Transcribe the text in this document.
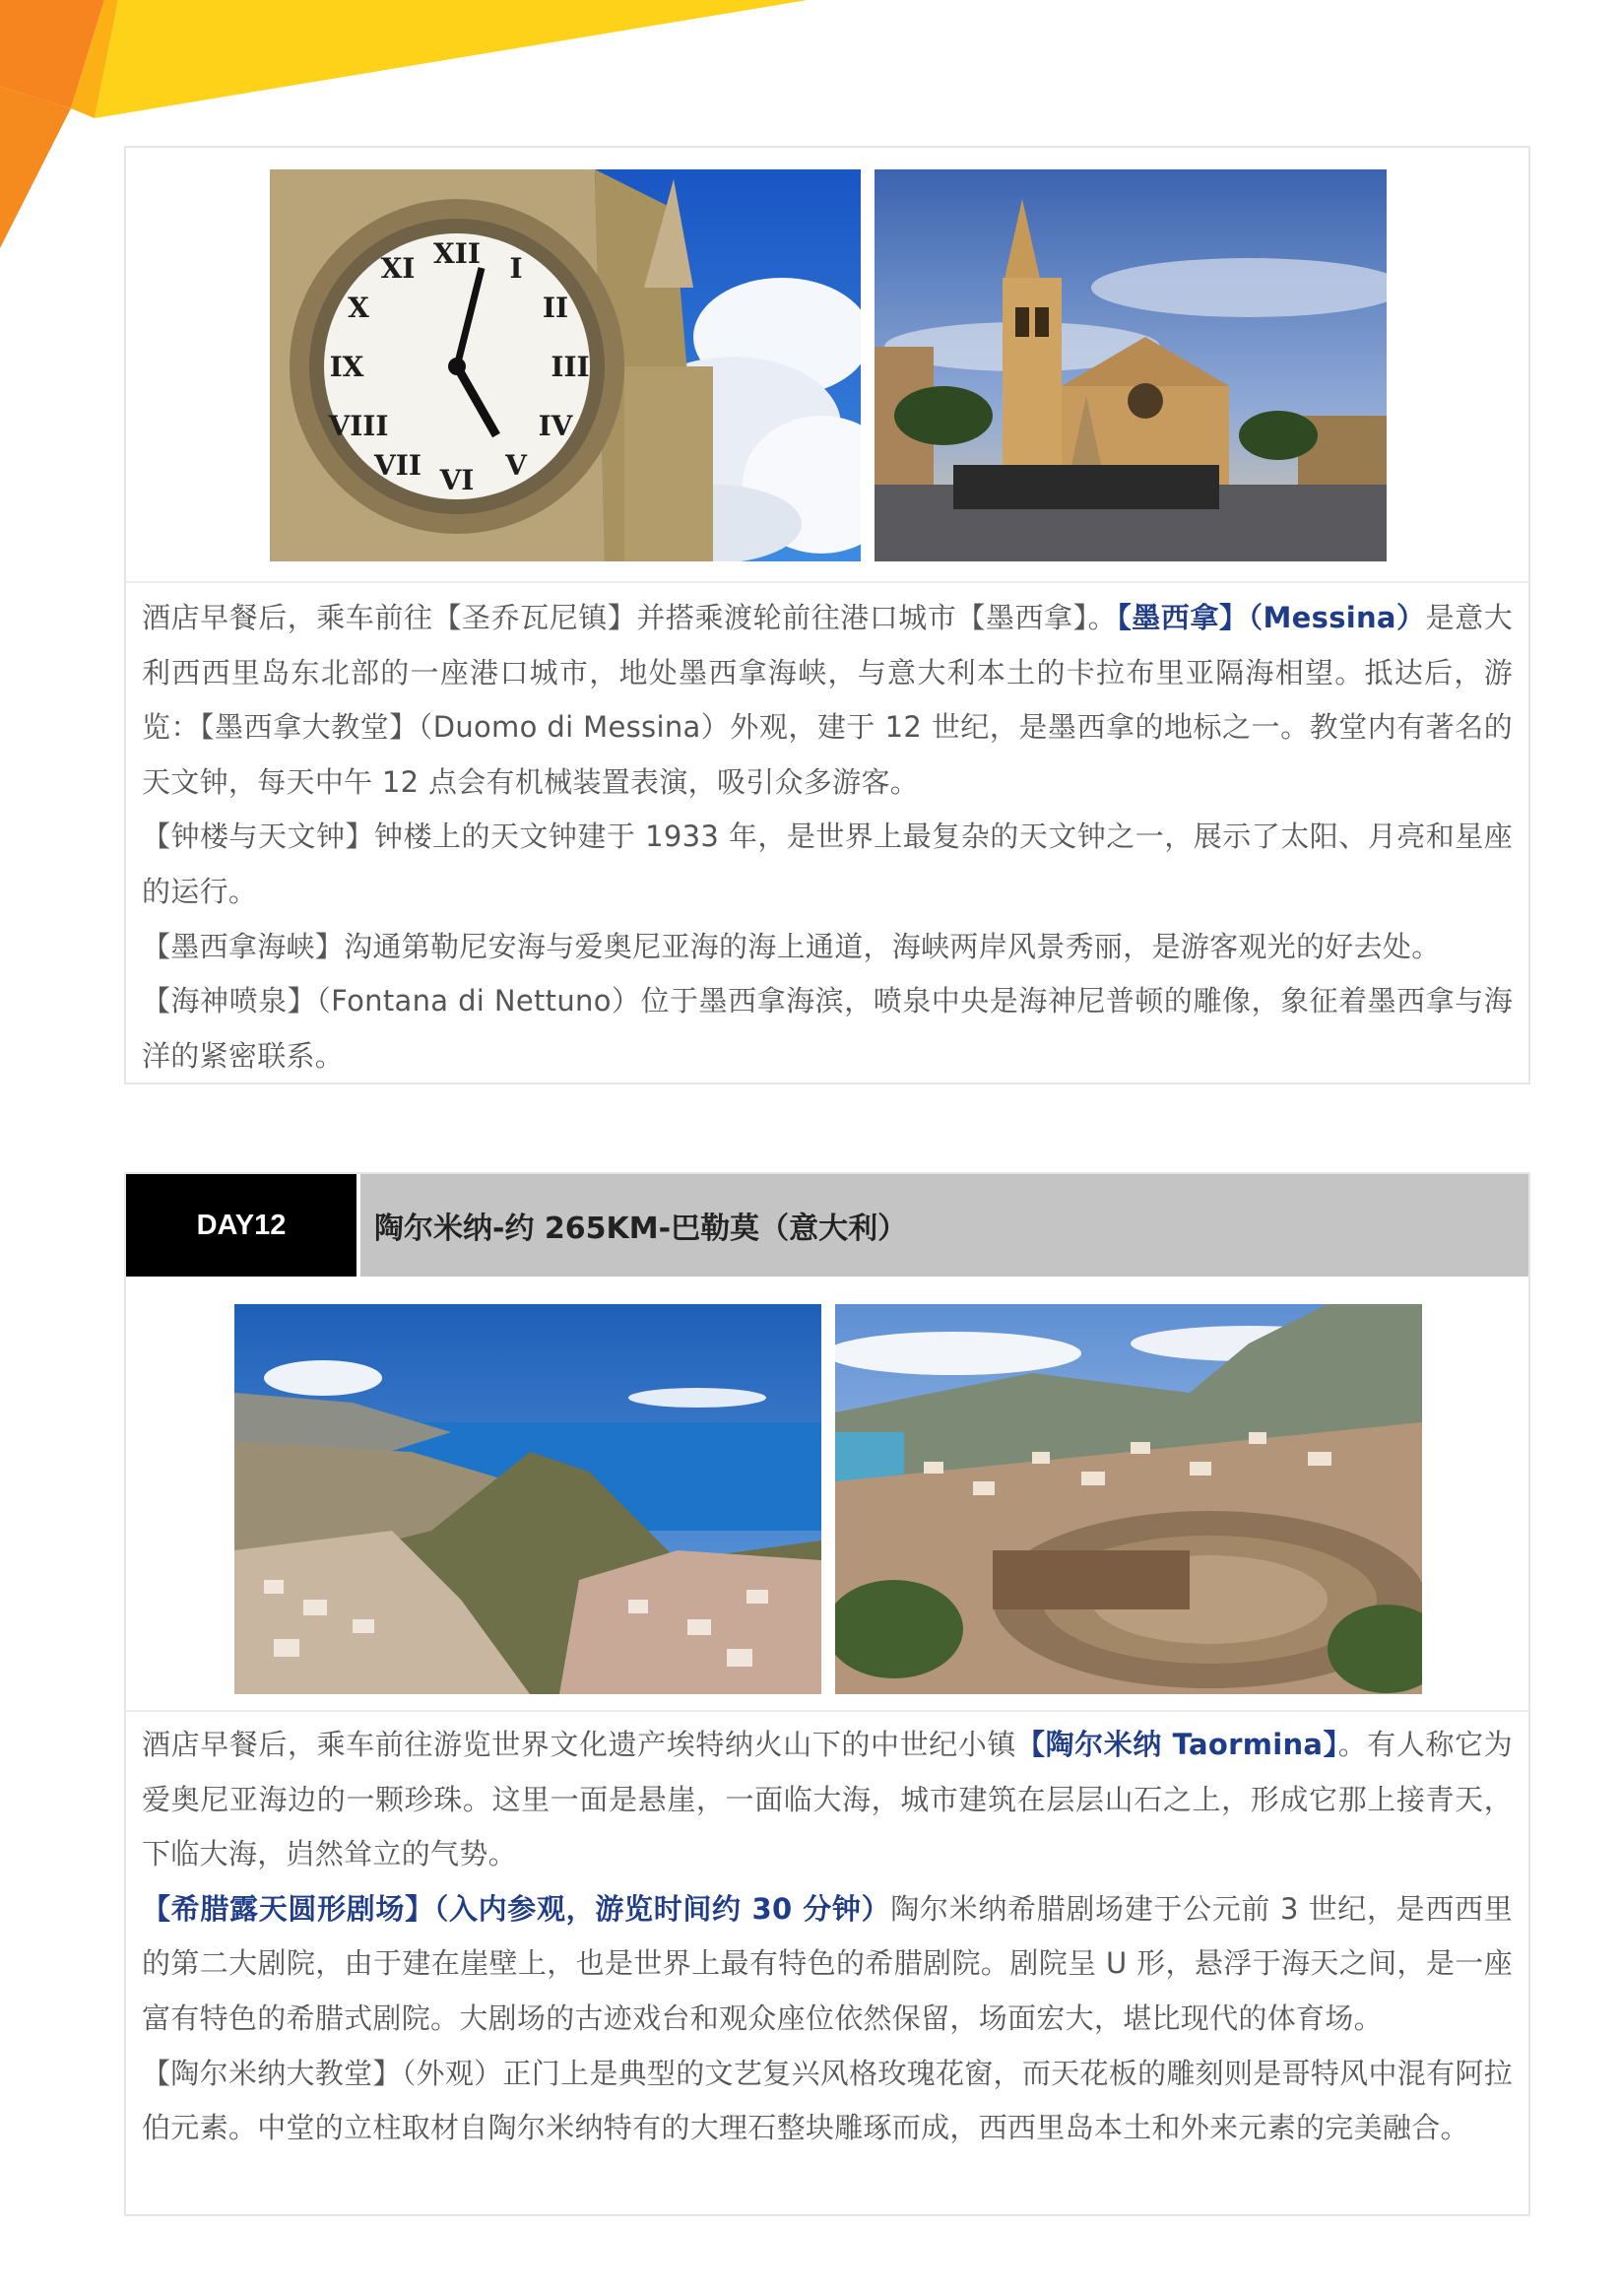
XII I
II
III
IV
V
VI
VII
VIII
IX
X
XI

酒店早餐后，乘车前往【圣乔瓦尼镇】并搭乘渡轮前往港口城市【墨西拿】。【墨西拿】（Messina）是意大利西西里岛东北部的一座港口城市，地处墨西拿海峡，与意大利本土的卡拉布里亚隔海相望。抵达后，游览：【墨西拿大教堂】（Duomo di Messina）外观，建于 12 世纪，是墨西拿的地标之一。教堂内有著名的天文钟，每天中午 12 点会有机械装置表演，吸引众多游客。

【钟楼与天文钟】钟楼上的天文钟建于 1933 年，是世界上最复杂的天文钟之一，展示了太阳、月亮和星座的运行。

【墨西拿海峡】沟通第勒尼安海与爱奥尼亚海的海上通道，海峡两岸风景秀丽，是游客观光的好去处。

【海神喷泉】（Fontana di Nettuno）位于墨西拿海滨，喷泉中央是海神尼普顿的雕像，象征着墨西拿与海洋的紧密联系。

DAY12	陶尔米纳-约 265KM-巴勒莫（意大利）

酒店早餐后，乘车前往游览世界文化遗产埃特纳火山下的中世纪小镇【陶尔米纳 Taormina】。有人称它为爱奥尼亚海边的一颗珍珠。这里一面是悬崖，一面临大海，城市建筑在层层山石之上，形成它那上接青天，下临大海，岿然耸立的气势。

【希腊露天圆形剧场】（入内参观，游览时间约 30 分钟）陶尔米纳希腊剧场建于公元前 3 世纪，是西西里的第二大剧院，由于建在崖壁上，也是世界上最有特色的希腊剧院。剧院呈 U 形，悬浮于海天之间，是一座富有特色的希腊式剧院。大剧场的古迹戏台和观众座位依然保留，场面宏大，堪比现代的体育场。

【陶尔米纳大教堂】（外观）正门上是典型的文艺复兴风格玫瑰花窗，而天花板的雕刻则是哥特风中混有阿拉伯元素。中堂的立柱取材自陶尔米纳特有的大理石整块雕琢而成，西西里岛本土和外来元素的完美融合。
